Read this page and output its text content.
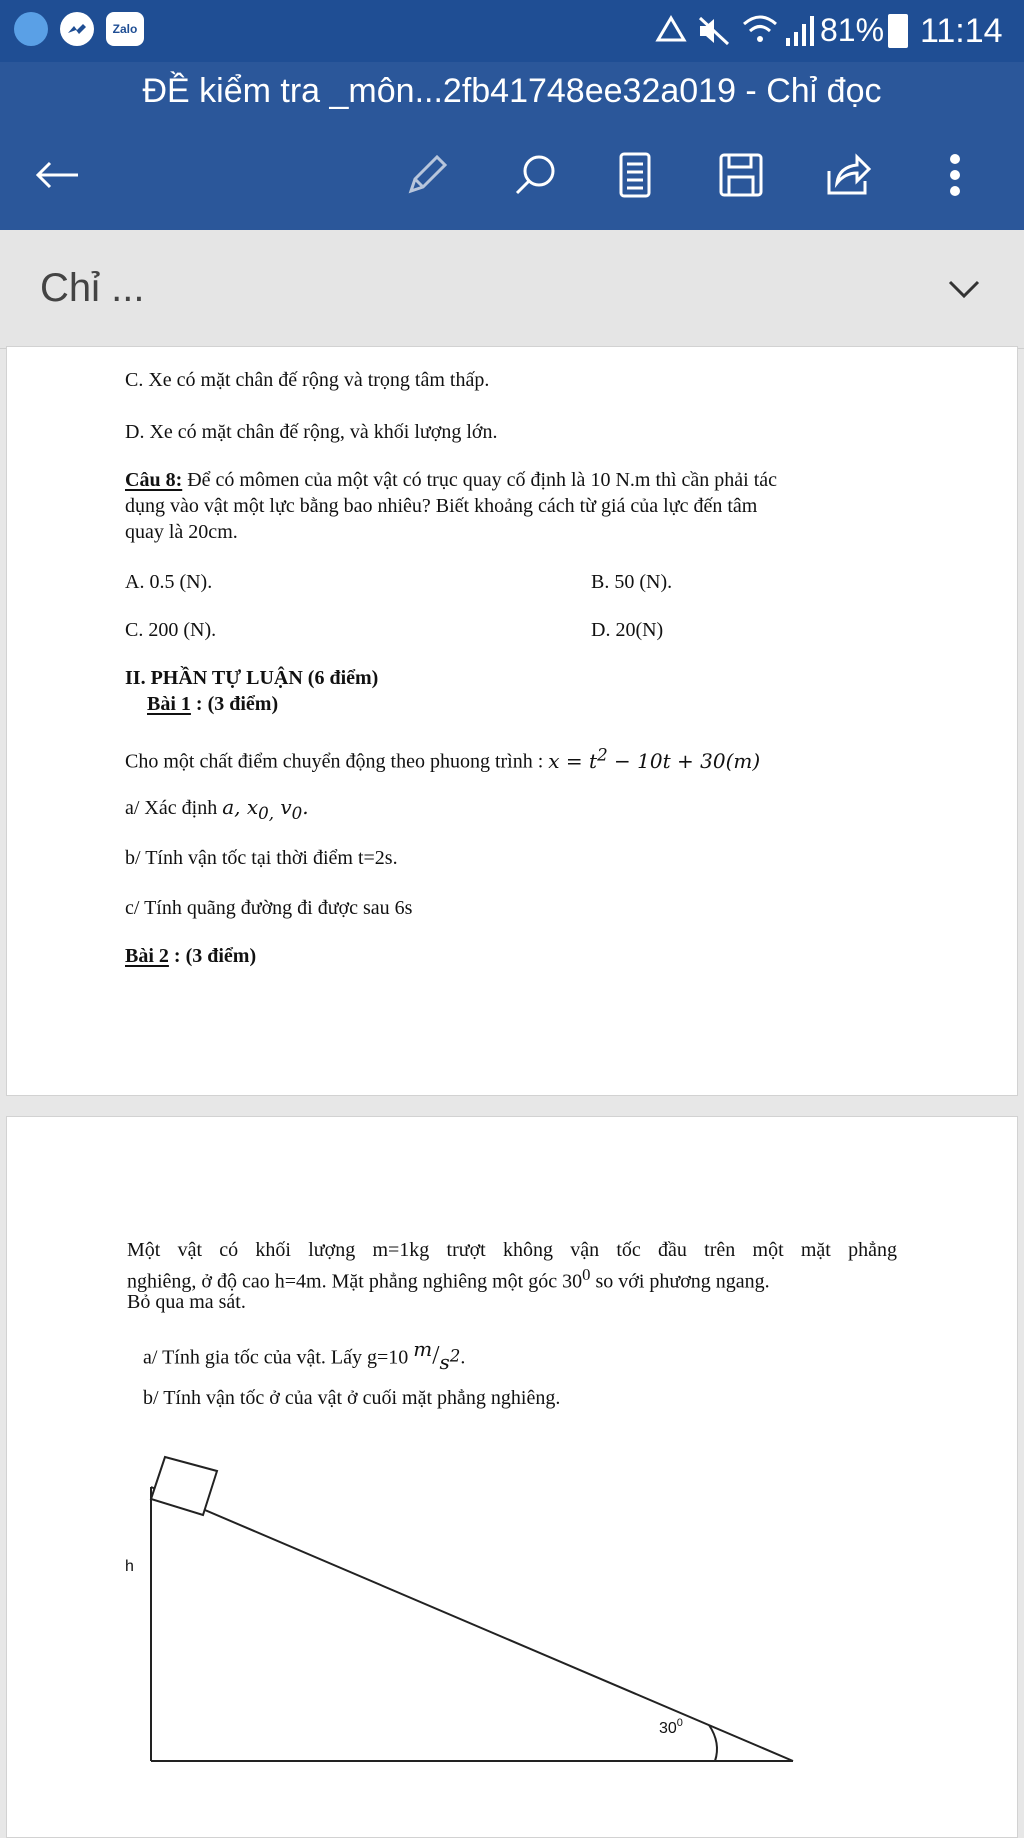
Zalo	81% 11:14
ĐỀ kiểm tra _môn...2fb41748ee32a019 - Chỉ đọc
Chỉ ...

C. Xe có mặt chân đế rộng và trọng tâm thấp.

D. Xe có mặt chân đế rộng, và khối lượng lớn.

Câu 8: Để có mômen của một vật có trục quay cố định là 10 N.m thì cần phải tác

dụng vào vật một lực bằng bao nhiêu? Biết khoảng cách từ giá của lực đến tâm

quay là 20cm.

A. 0.5 (N).	B. 50 (N).

C. 200 (N).	D. 20(N)

II. PHẦN TỰ LUẬN (6 điểm)

Bài 1 : (3 điểm)

Cho một chất điểm chuyển động theo phuong trình : $x = t^2 - 10t + 30(m)$

a/ Xác định a, $x_{0,}$ $v_0$.

b/ Tính vận tốc tại thời điểm t=2s.

c/ Tính quãng đường đi được sau 6s

Bài 2 : (3 điểm)

Một vật có khối lượng m=1kg trượt không vận tốc đầu trên một mặt phẳng

nghiêng, ở độ cao h=4m. Mặt phẳng nghiêng một góc $30^0$ so với phương ngang.

Bỏ qua ma sát.

a/ Tính gia tốc của vật. Lấy g=10 $^m/_{s^2}$.

b/ Tính vận tốc ở của vật ở cuối mặt phẳng nghiêng.

h
$30^0$
